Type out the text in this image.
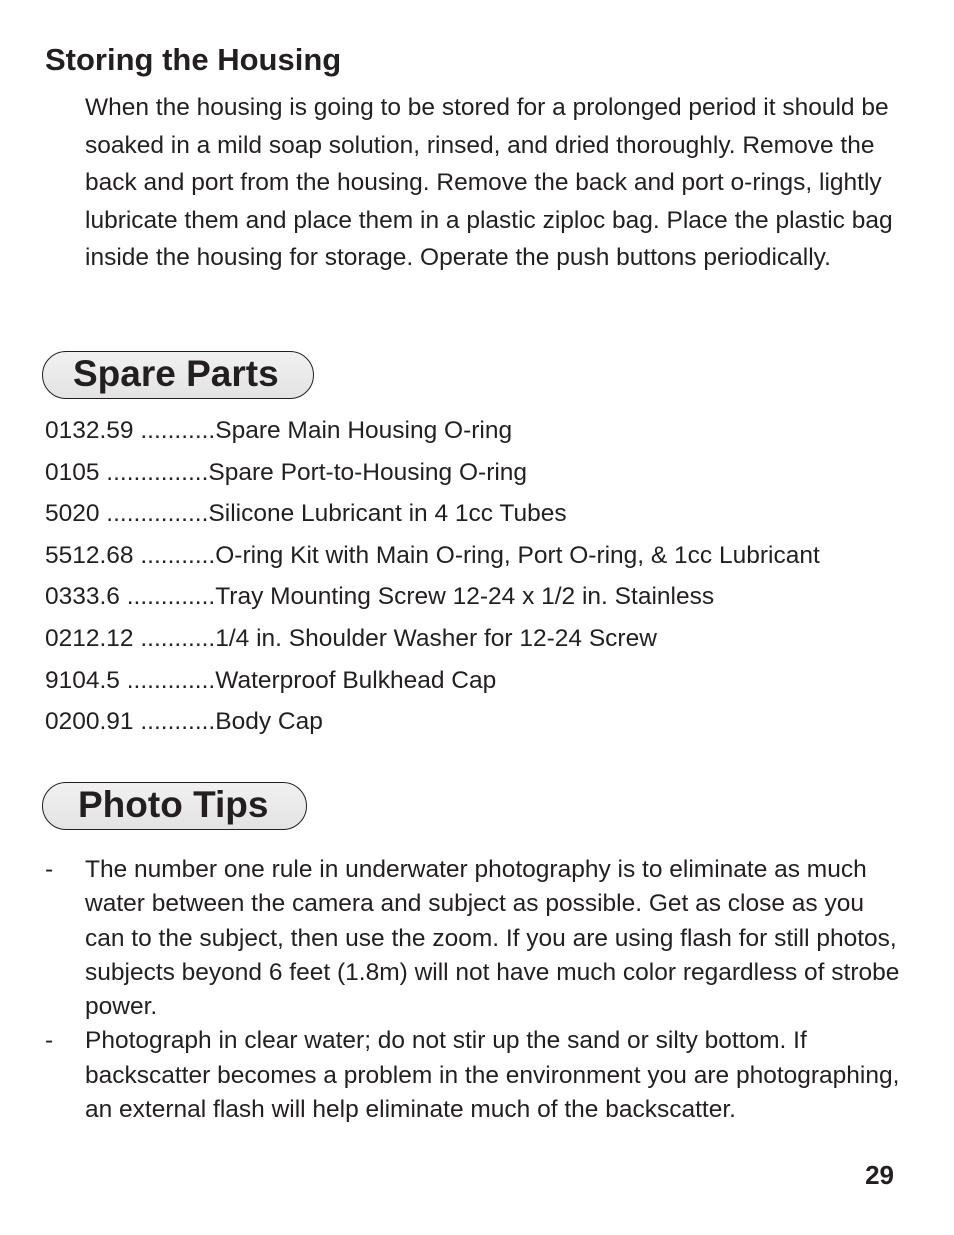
Storing the Housing

When the housing is going to be stored for a prolonged period it should be soaked in a mild soap solution, rinsed, and dried thoroughly. Remove the back and port from the housing. Remove the back and port o-rings, lightly lubricate them and place them in a plastic ziploc bag. Place the plastic bag inside the housing for storage. Operate the push buttons periodically.

Spare Parts
0132.59 ...........Spare Main Housing O-ring
0105 ...............Spare Port-to-Housing O-ring
5020 ...............Silicone Lubricant in 4 1cc Tubes
5512.68 ...........O-ring Kit with Main O-ring, Port O-ring, & 1cc Lubricant
0333.6 .............Tray Mounting Screw 12-24 x 1/2 in. Stainless
0212.12 ...........1/4 in. Shoulder Washer for 12-24 Screw
9104.5 .............Waterproof Bulkhead Cap
0200.91 ...........Body Cap
Photo Tips
- The number one rule in underwater photography is to eliminate as much water between the camera and subject as possible. Get as close as you can to the subject, then use the zoom. If you are using flash for still photos, subjects beyond 6 feet (1.8m) will not have much color regardless of strobe power.
- Photograph in clear water; do not stir up the sand or silty bottom. If backscatter becomes a problem in the environment you are photographing, an external flash will help eliminate much of the backscatter.
29
